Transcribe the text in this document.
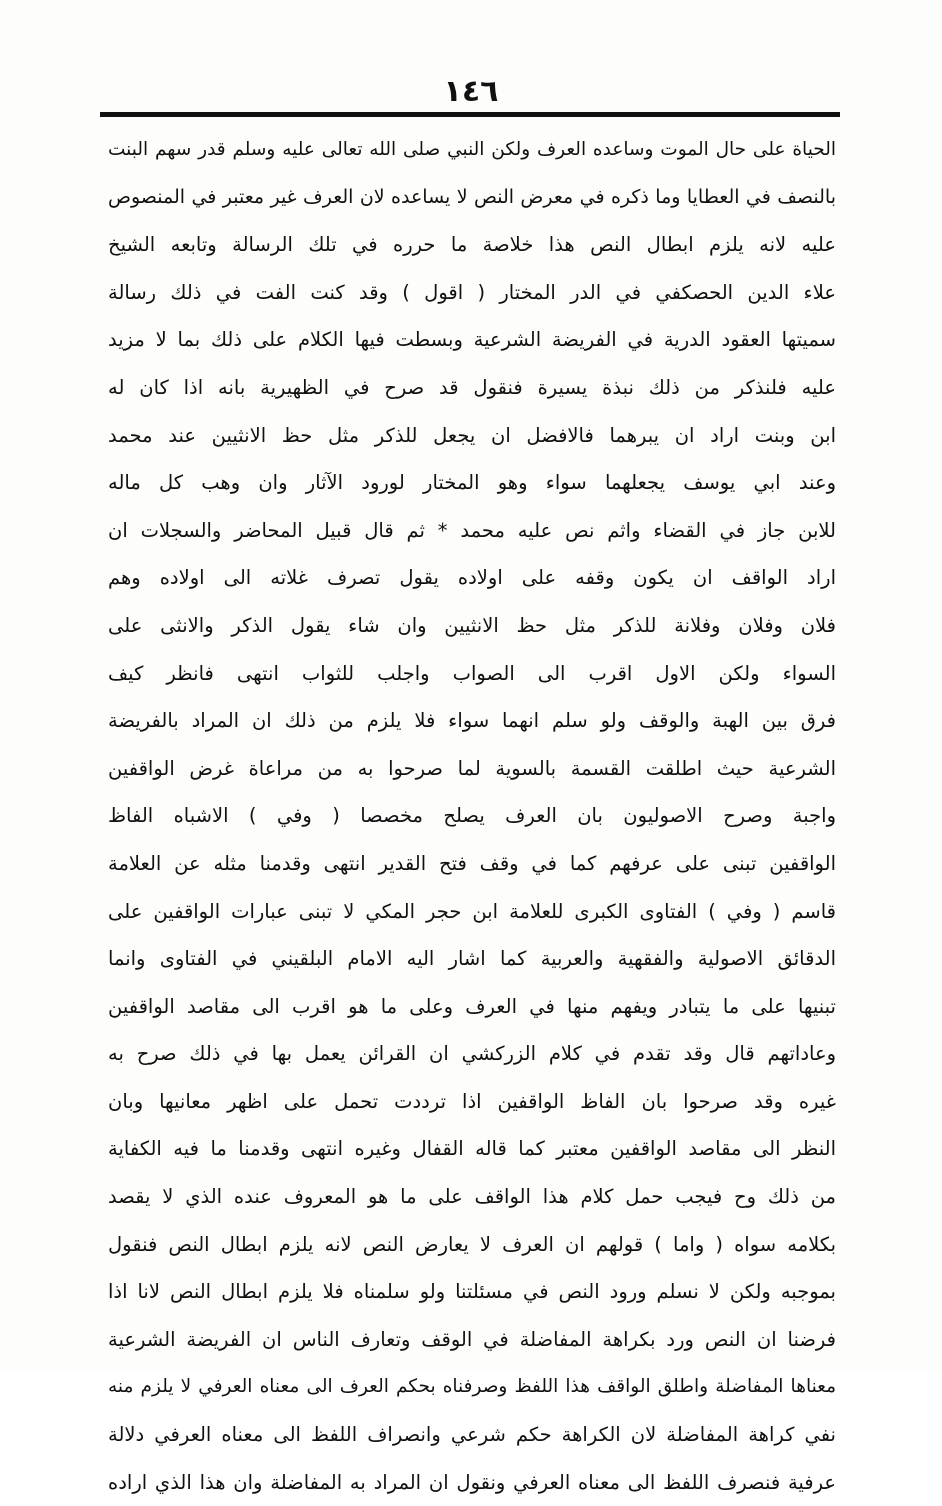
١٤٦
الحياة على حال الموت وساعده العرف ولكن النبي صلى الله تعالى عليه وسلم قدر سهم البنت
بالنصف في العطايا وما ذكره في معرض النص لا يساعده لان العرف غير معتبر في المنصوص
عليه لانه يلزم ابطال النص هذا خلاصة ما حرره في تلك الرسالة وتابعه الشيخ
علاء الدين الحصكفي في الدر المختار ( اقول ) وقد كنت الفت في ذلك رسالة
سميتها العقود الدرية في الفريضة الشرعية وبسطت فيها الكلام على ذلك بما لا مزيد
عليه فلنذكر من ذلك نبذة يسيرة فنقول قد صرح في الظهيرية بانه اذا كان له
ابن وبنت اراد ان يبرهما فالافضل ان يجعل للذكر مثل حظ الانثيين عند محمد
وعند ابي يوسف يجعلهما سواء وهو المختار لورود الآثار وان وهب كل ماله
للابن جاز في القضاء واثم نص عليه محمد * ثم قال قبيل المحاضر والسجلات ان
اراد الواقف ان يكون وقفه على اولاده يقول تصرف غلاته الى اولاده وهم
فلان وفلان وفلانة للذكر مثل حظ الانثيين وان شاء يقول الذكر والانثى على
السواء ولكن الاول اقرب الى الصواب واجلب للثواب انتهى فانظر كيف
فرق بين الهبة والوقف ولو سلم انهما سواء فلا يلزم من ذلك ان المراد بالفريضة
الشرعية حيث اطلقت القسمة بالسوية لما صرحوا به من مراعاة غرض الواقفين
واجبة وصرح الاصوليون بان العرف يصلح مخصصا ( وفي ) الاشباه الفاظ
الواقفين تبنى على عرفهم كما في وقف فتح القدير انتهى وقدمنا مثله عن العلامة
قاسم ( وفي ) الفتاوى الكبرى للعلامة ابن حجر المكي لا تبنى عبارات الواقفين على
الدقائق الاصولية والفقهية والعربية كما اشار اليه الامام البلقيني في الفتاوى وانما
تبنيها على ما يتبادر ويفهم منها في العرف وعلى ما هو اقرب الى مقاصد الواقفين
وعاداتهم قال وقد تقدم في كلام الزركشي ان القرائن يعمل بها في ذلك صرح به
غيره وقد صرحوا بان الفاظ الواقفين اذا ترددت تحمل على اظهر معانيها وبان
النظر الى مقاصد الواقفين معتبر كما قاله القفال وغيره انتهى وقدمنا ما فيه الكفاية
من ذلك وح فيجب حمل كلام هذا الواقف على ما هو المعروف عنده الذي لا يقصد
بكلامه سواه ( واما ) قولهم ان العرف لا يعارض النص لانه يلزم ابطال النص فنقول
بموجبه ولكن لا نسلم ورود النص في مسئلتنا ولو سلمناه فلا يلزم ابطال النص لانا اذا
فرضنا ان النص ورد بكراهة المفاضلة في الوقف وتعارف الناس ان الفريضة الشرعية
معناها المفاضلة واطلق الواقف هذا اللفظ وصرفناه بحكم العرف الى معناه العرفي لا يلزم منه
نفي كراهة المفاضلة لان الكراهة حكم شرعي وانصراف اللفظ الى معناه العرفي دلالة
عرفية فنصرف اللفظ الى معناه العرفي ونقول ان المراد به المفاضلة وان هذا الذي اراده
